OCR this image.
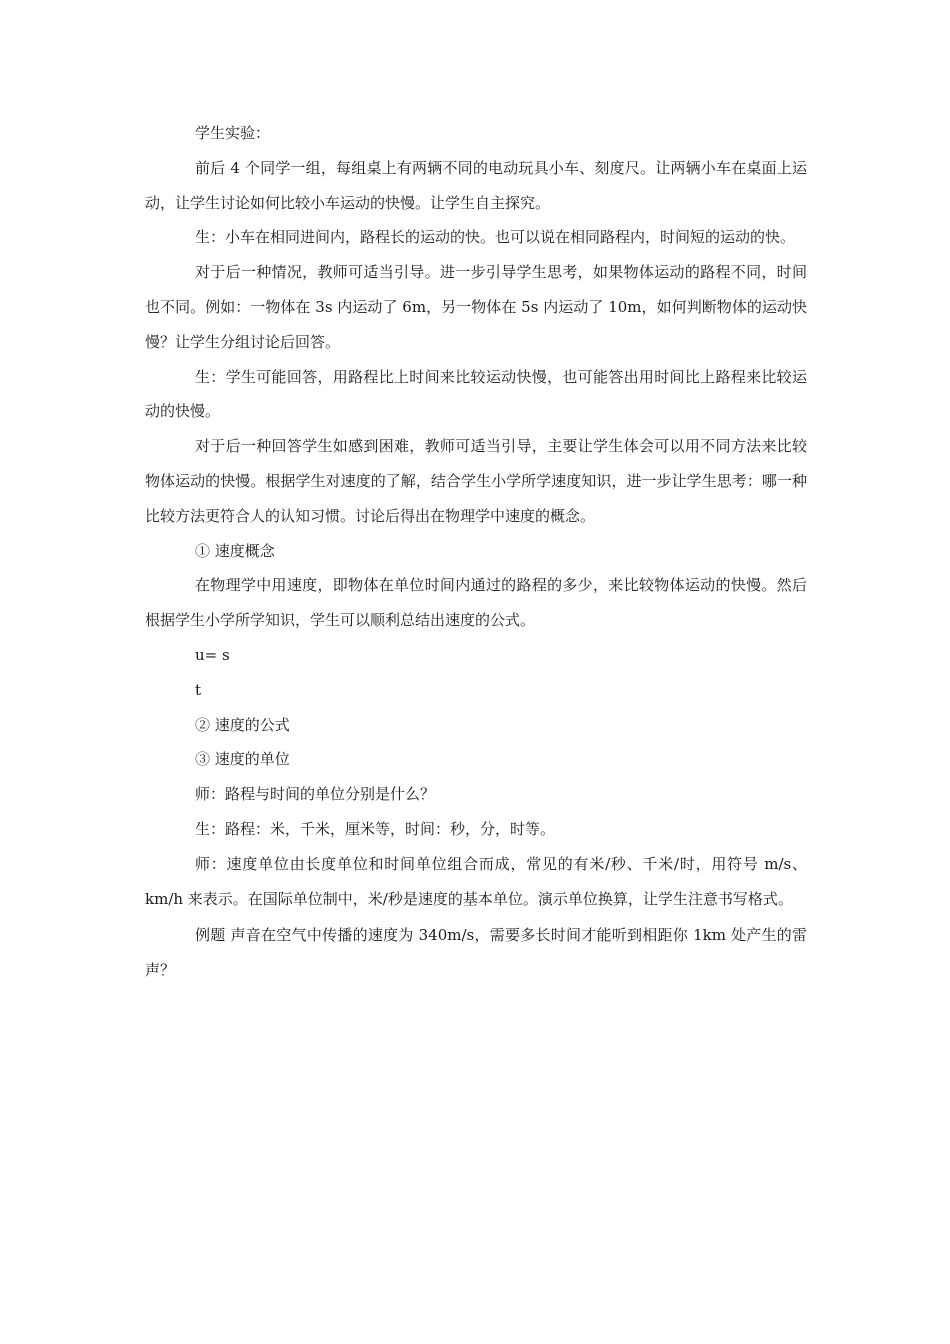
学生实验：

前后 4 个同学一组，每组桌上有两辆不同的电动玩具小车、刻度尺。让两辆小车在桌面上运动，让学生讨论如何比较小车运动的快慢。让学生自主探究。

生：小车在相同进间内，路程长的运动的快。也可以说在相同路程内，时间短的运动的快。

对于后一种情况，教师可适当引导。进一步引导学生思考，如果物体运动的路程不同，时间也不同。例如：一物体在 3s 内运动了 6m，另一物体在 5s 内运动了 10m，如何判断物体的运动快慢？让学生分组讨论后回答。

生：学生可能回答，用路程比上时间来比较运动快慢，也可能答出用时间比上路程来比较运动的快慢。

对于后一种回答学生如感到困难，教师可适当引导，主要让学生体会可以用不同方法来比较物体运动的快慢。根据学生对速度的了解，结合学生小学所学速度知识，进一步让学生思考：哪一种比较方法更符合人的认知习惯。讨论后得出在物理学中速度的概念。

① 速度概念

在物理学中用速度，即物体在单位时间内通过的路程的多少，来比较物体运动的快慢。然后根据学生小学所学知识，学生可以顺利总结出速度的公式。

u= s

t

② 速度的公式

③ 速度的单位

师：路程与时间的单位分别是什么？

生：路程：米，千米，厘米等，时间：秒，分，时等。

师：速度单位由长度单位和时间单位组合而成，常见的有米/秒、千米/时，用符号 m/s、km/h 来表示。在国际单位制中，米/秒是速度的基本单位。演示单位换算，让学生注意书写格式。

例题 声音在空气中传播的速度为 340m/s，需要多长时间才能听到相距你 1km 处产生的雷声？
